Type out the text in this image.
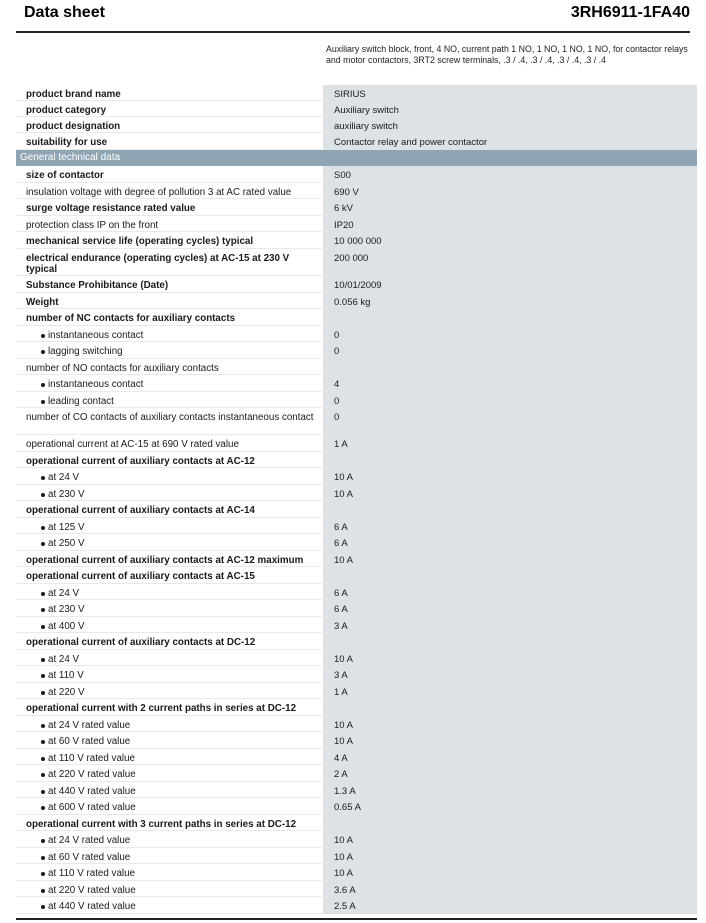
Data sheet	3RH6911-1FA40
Auxiliary switch block, front, 4 NO, current path 1 NO, 1 NO, 1 NO, 1 NO, for contactor relays and motor contactors, 3RT2 screw terminals, .3 / .4, .3 / .4, .3 / .4, .3 / .4
product brand name	SIRIUS
product category	Auxiliary switch
product designation	auxiliary switch
suitability for use	Contactor relay and power contactor
General technical data
size of contactor	S00
insulation voltage with degree of pollution 3 at AC rated value	690 V
surge voltage resistance rated value	6 kV
protection class IP on the front	IP20
mechanical service life (operating cycles) typical	10 000 000
electrical endurance (operating cycles) at AC-15 at 230 V typical
200 000
Substance Prohibitance (Date)	10/01/2009
Weight	0.056 kg
number of NC contacts for auxiliary contacts
instantaneous contact	0
lagging switching	0
number of NO contacts for auxiliary contacts
instantaneous contact	4
leading contact	0
number of CO contacts of auxiliary contacts instantaneous contact	0
operational current at AC-15 at 690 V rated value	1 A
operational current of auxiliary contacts at AC-12
at 24 V	10 A
at 230 V	10 A
operational current of auxiliary contacts at AC-14
at 125 V	6 A
at 250 V	6 A
operational current of auxiliary contacts at AC-12 maximum	10 A
operational current of auxiliary contacts at AC-15
at 24 V	6 A
at 230 V	6 A
at 400 V	3 A
operational current of auxiliary contacts at DC-12
at 24 V	10 A
at 110 V	3 A
at 220 V	1 A
operational current with 2 current paths in series at DC-12
at 24 V rated value	10 A
at 60 V rated value	10 A
at 110 V rated value	4 A
at 220 V rated value	2 A
at 440 V rated value	1.3 A
at 600 V rated value	0.65 A
operational current with 3 current paths in series at DC-12
at 24 V rated value	10 A
at 60 V rated value	10 A
at 110 V rated value	10 A
at 220 V rated value	3.6 A
at 440 V rated value	2.5 A
